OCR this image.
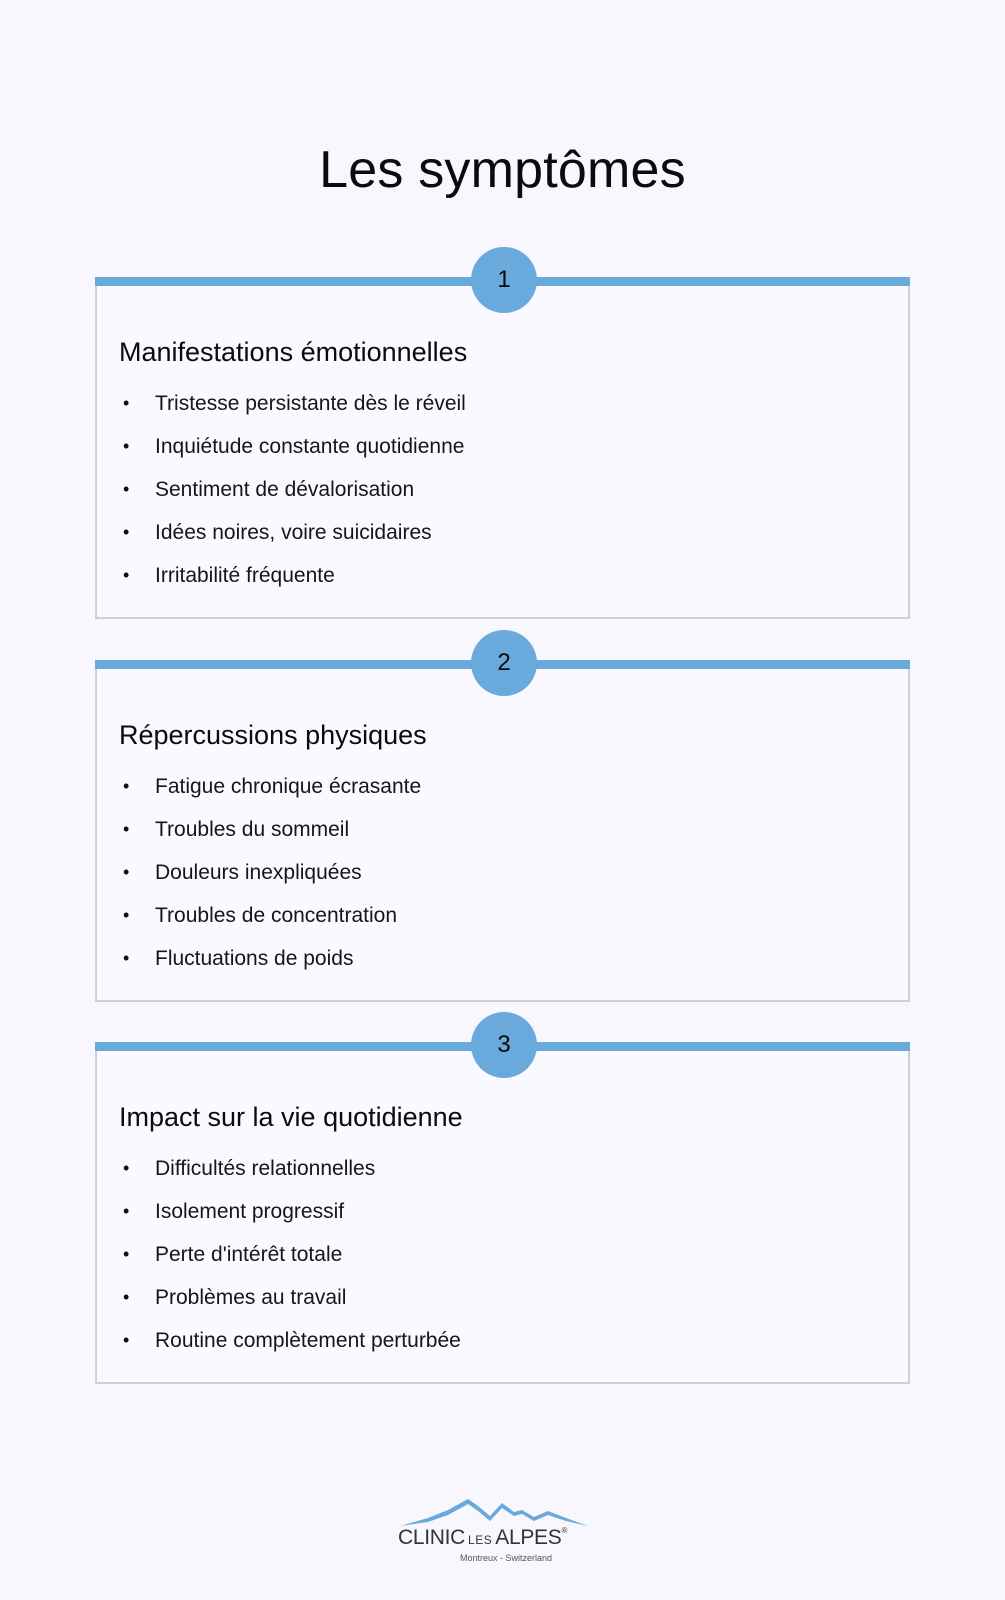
Les symptômes
1
Manifestations émotionnelles
•	Tristesse persistante dès le réveil
•	Inquiétude constante quotidienne
•	Sentiment de dévalorisation
•	Idées noires, voire suicidaires
•	Irritabilité fréquente
2
Répercussions physiques
•	Fatigue chronique écrasante
•	Troubles du sommeil
•	Douleurs inexpliquées
•	Troubles de concentration
•	Fluctuations de poids
3
Impact sur la vie quotidienne
•	Difficultés relationnelles
•	Isolement progressif
•	Perte d'intérêt totale
•	Problèmes au travail
•	Routine complètement perturbée
CLINIC LES ALPES®
Montreux - Switzerland
